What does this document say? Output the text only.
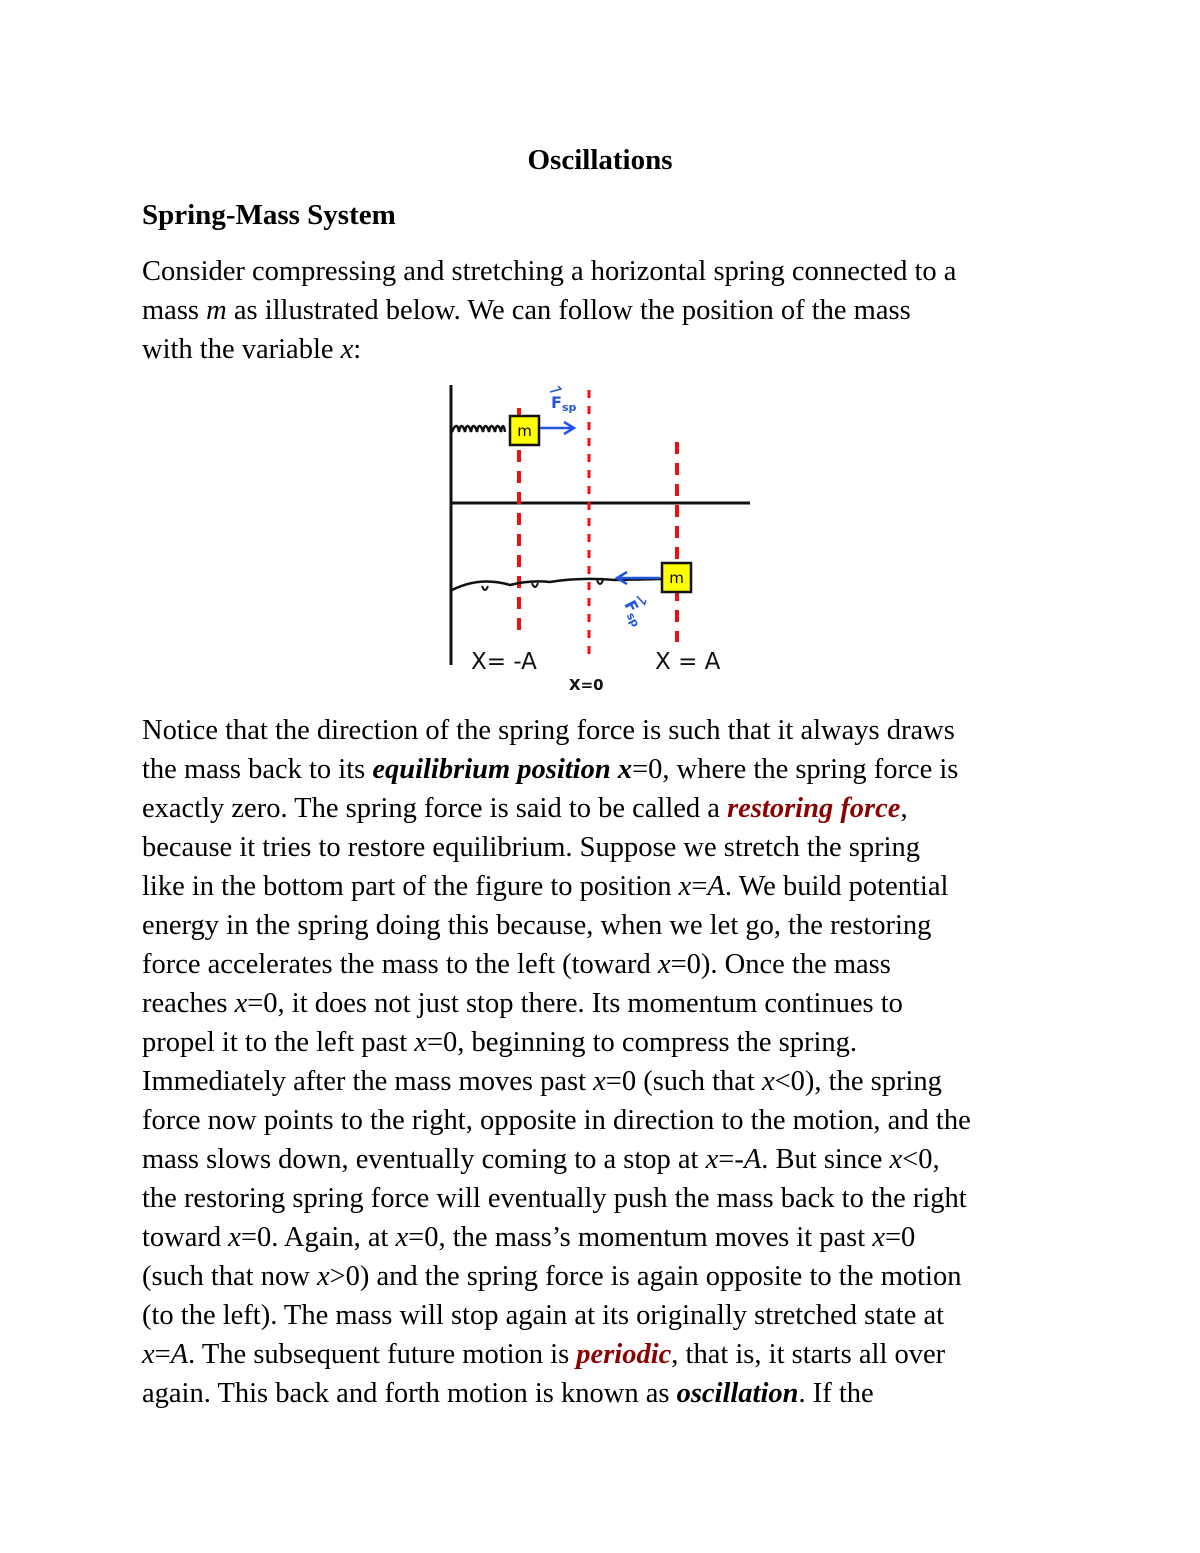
Oscillations
Spring-Mass System
Consider compressing and stretching a horizontal spring connected to a
mass m as illustrated below. We can follow the position of the mass
with the variable x:
m
Fsp
m
Fsp
X= -A
X=0
X = A
Notice that the direction of the spring force is such that it always draws
the mass back to its equilibrium position x=0, where the spring force is
exactly zero. The spring force is said to be called a restoring force,
because it tries to restore equilibrium. Suppose we stretch the spring
like in the bottom part of the figure to position x=A. We build potential
energy in the spring doing this because, when we let go, the restoring
force accelerates the mass to the left (toward x=0). Once the mass
reaches x=0, it does not just stop there. Its momentum continues to
propel it to the left past x=0, beginning to compress the spring.
Immediately after the mass moves past x=0 (such that x<0), the spring
force now points to the right, opposite in direction to the motion, and the
mass slows down, eventually coming to a stop at x=-A. But since x<0,
the restoring spring force will eventually push the mass back to the right
toward x=0. Again, at x=0, the mass’s momentum moves it past x=0
(such that now x>0) and the spring force is again opposite to the motion
(to the left). The mass will stop again at its originally stretched state at
x=A. The subsequent future motion is periodic, that is, it starts all over
again. This back and forth motion is known as oscillation. If the
